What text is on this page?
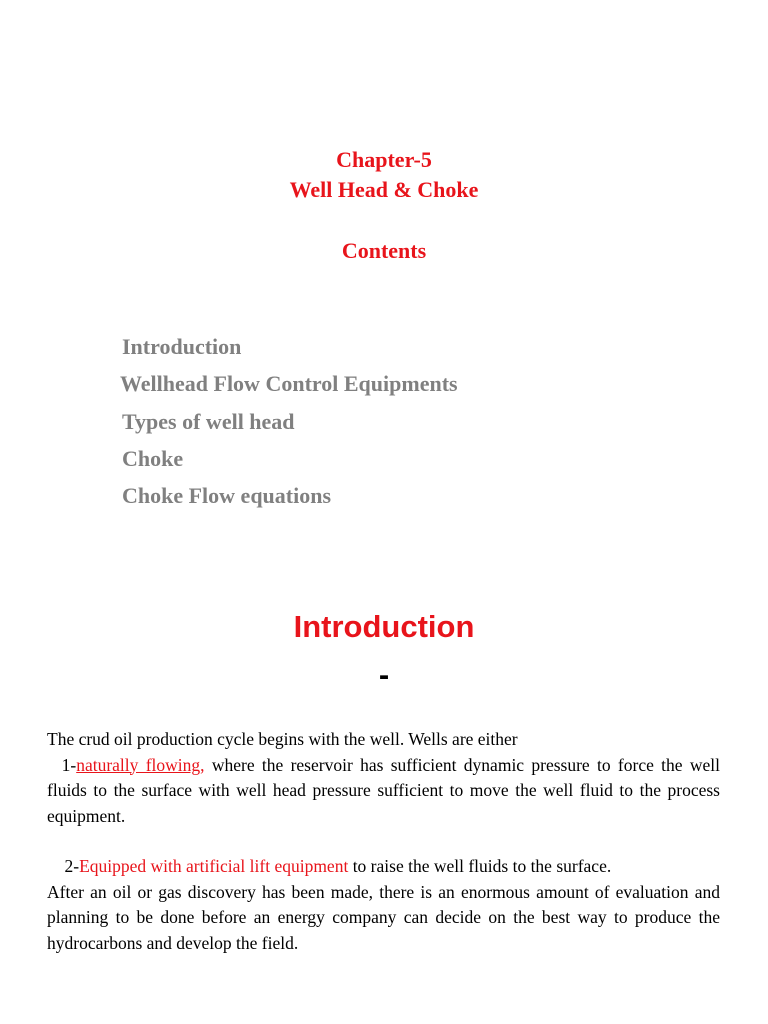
Chapter-5
Well Head & Choke
Contents
Introduction
Wellhead Flow Control Equipments
Types of well head
Choke
Choke Flow equations
Introduction
-

The crud oil production cycle begins with the well. Wells are either

1-naturally flowing, where the reservoir has sufficient dynamic pressure to force the well fluids to the surface with well head pressure sufficient to move the well fluid to the process equipment.

2-Equipped with artificial lift equipment to raise the well fluids to the surface.

After an oil or gas discovery has been made, there is an enormous amount of evaluation and planning to be done before an energy company can decide on the best way to produce the hydrocarbons and develop the field.
